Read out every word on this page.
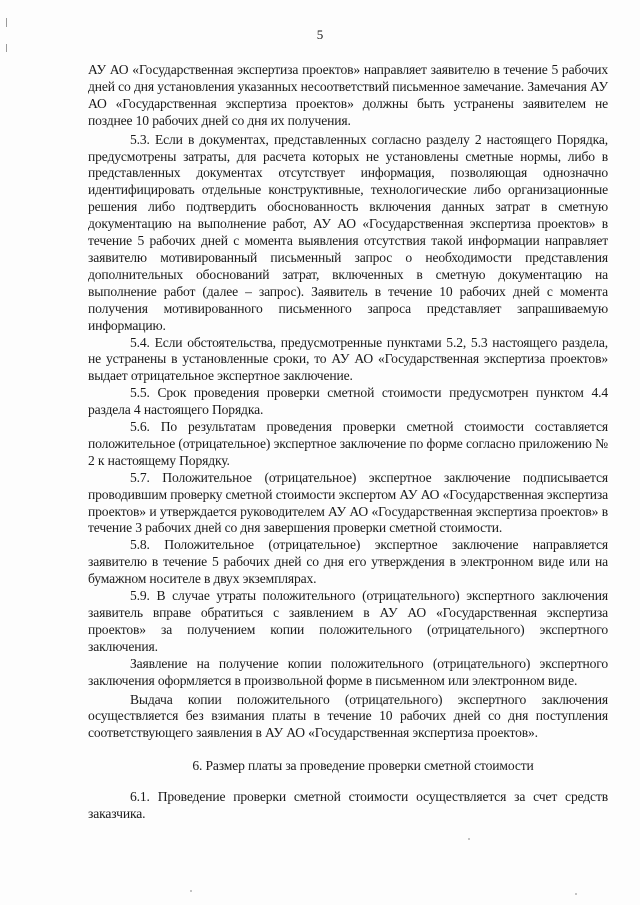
5

АУ АО «Государственная экспертиза проектов» направляет заявителю в течение 5 рабочих дней со дня установления указанных несоответствий письменное замечание. Замечания АУ АО «Государственная экспертиза проектов» должны быть устранены заявителем не позднее 10 рабочих дней со дня их получения.

5.3. Если в документах, представленных согласно разделу 2 настоящего Порядка, предусмотрены затраты, для расчета которых не установлены сметные нормы, либо в представленных документах отсутствует информация, позволяющая однозначно идентифицировать отдельные конструктивные, технологические либо организационные решения либо подтвердить обоснованность включения данных затрат в сметную документацию на выполнение работ, АУ АО «Государственная экспертиза проектов» в течение 5 рабочих дней с момента выявления отсутствия такой информации направляет заявителю мотивированный письменный запрос о необходимости представления дополнительных обоснований затрат, включенных в сметную документацию на выполнение работ (далее – запрос). Заявитель в течение 10 рабочих дней с момента получения мотивированного письменного запроса представляет запрашиваемую информацию.

5.4. Если обстоятельства, предусмотренные пунктами 5.2, 5.3 настоящего раздела, не устранены в установленные сроки, то АУ АО «Государственная экспертиза проектов» выдает отрицательное экспертное заключение.

5.5. Срок проведения проверки сметной стоимости предусмотрен пунктом 4.4 раздела 4 настоящего Порядка.

5.6. По результатам проведения проверки сметной стоимости составляется положительное (отрицательное) экспертное заключение по форме согласно приложению № 2 к настоящему Порядку.

5.7. Положительное (отрицательное) экспертное заключение подписывается проводившим проверку сметной стоимости экспертом АУ АО «Государственная экспертиза проектов» и утверждается руководителем АУ АО «Государственная экспертиза проектов» в течение 3 рабочих дней со дня завершения проверки сметной стоимости.

5.8. Положительное (отрицательное) экспертное заключение направляется заявителю в течение 5 рабочих дней со дня его утверждения в электронном виде или на бумажном носителе в двух экземплярах.

5.9. В случае утраты положительного (отрицательного) экспертного заключения заявитель вправе обратиться с заявлением в АУ АО «Государственная экспертиза проектов» за получением копии положительного (отрицательного) экспертного заключения.

Заявление на получение копии положительного (отрицательного) экспертного заключения оформляется в произвольной форме в письменном или электронном виде.

Выдача копии положительного (отрицательного) экспертного заключения осуществляется без взимания платы в течение 10 рабочих дней со дня поступления соответствующего заявления в АУ АО «Государственная экспертиза проектов».

6. Размер платы за проведение проверки сметной стоимости

6.1. Проведение проверки сметной стоимости осуществляется за счет средств заказчика.
